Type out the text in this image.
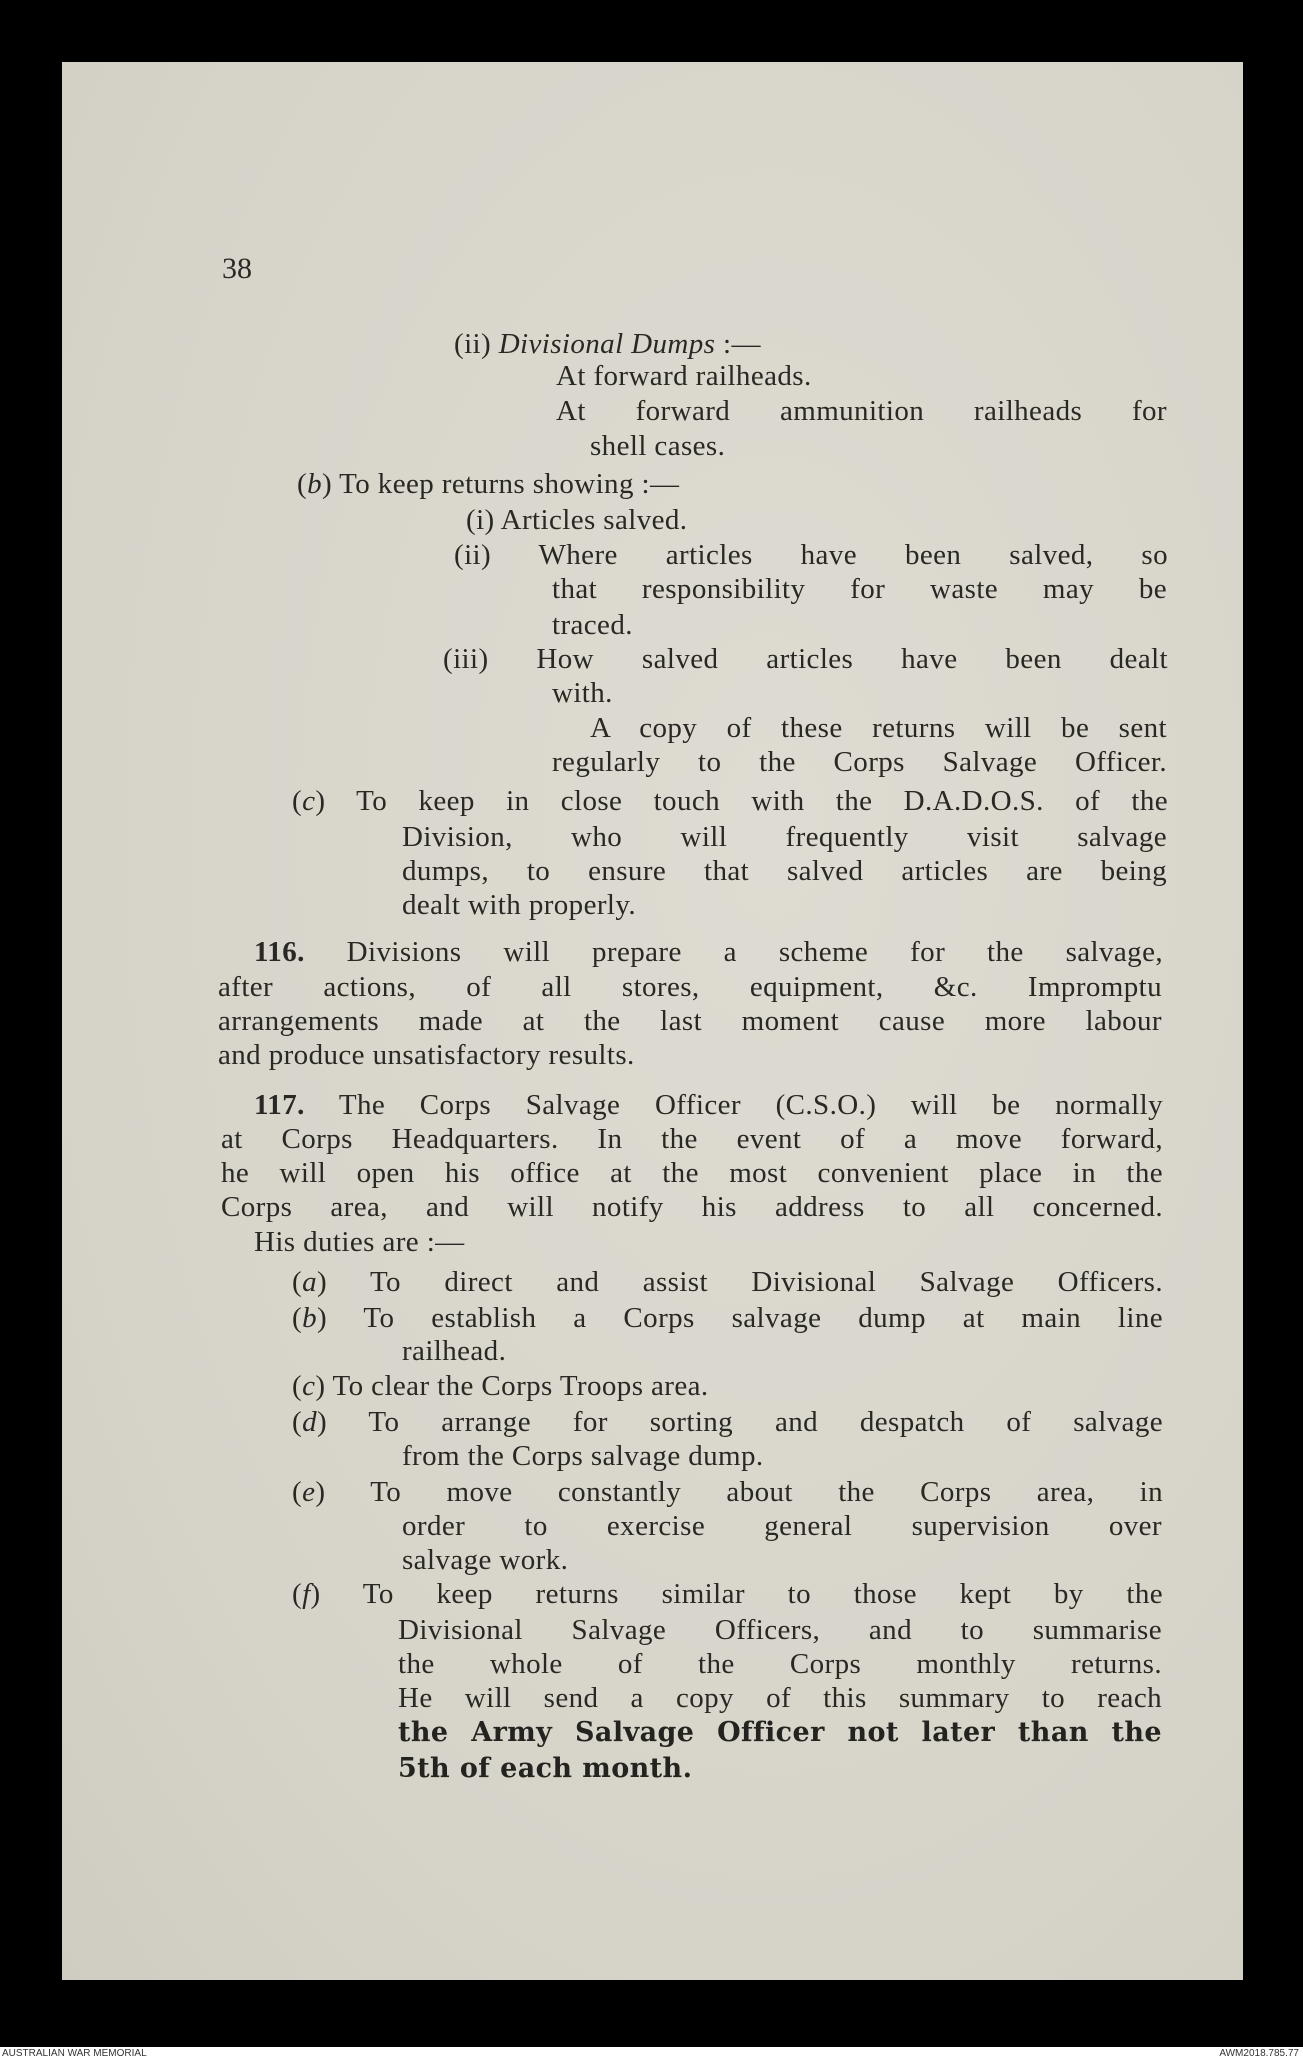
38
( ii ) Divisional Dumps :—
At forward railheads.
At forward ammunition railheads for
shell cases.
( b ) To keep returns showing :—
( i ) Articles salved.
( ii ) Where articles have been salved, so
that responsibility for waste may be
traced.
( iii ) How salved articles have been dealt
with.
A copy of these returns will be sent
regularly to the Corps Salvage Officer.
( c ) To keep in close touch with the D.A.D.O.S. of the
Division, who will frequently visit salvage
dumps, to ensure that salved articles are being
dealt with properly.
116. Divisions will prepare a scheme for the salvage,
after actions, of all stores, equipment, &c. Impromptu
arrangements made at the last moment cause more labour
and produce unsatisfactory results.
117. The Corps Salvage Officer (C.S.O.) will be normally
at Corps Headquarters. In the event of a move forward,
he will open his office at the most convenient place in the
Corps area, and will notify his address to all concerned.
His duties are :—
( a ) To direct and assist Divisional Salvage Officers.
( b ) To establish a Corps salvage dump at main line
railhead.
( c ) To clear the Corps Troops area.
( d ) To arrange for sorting and despatch of salvage
from the Corps salvage dump.
( e ) To move constantly about the Corps area, in
order to exercise general supervision over
salvage work.
( f ) To keep returns similar to those kept by the
Divisional Salvage Officers, and to summarise
the whole of the Corps monthly returns.
He will send a copy of this summary to reach
the Army Salvage Officer not later than the
5th of each month.
AUSTRALIAN WAR MEMORIAL	AWM2018.785.77
